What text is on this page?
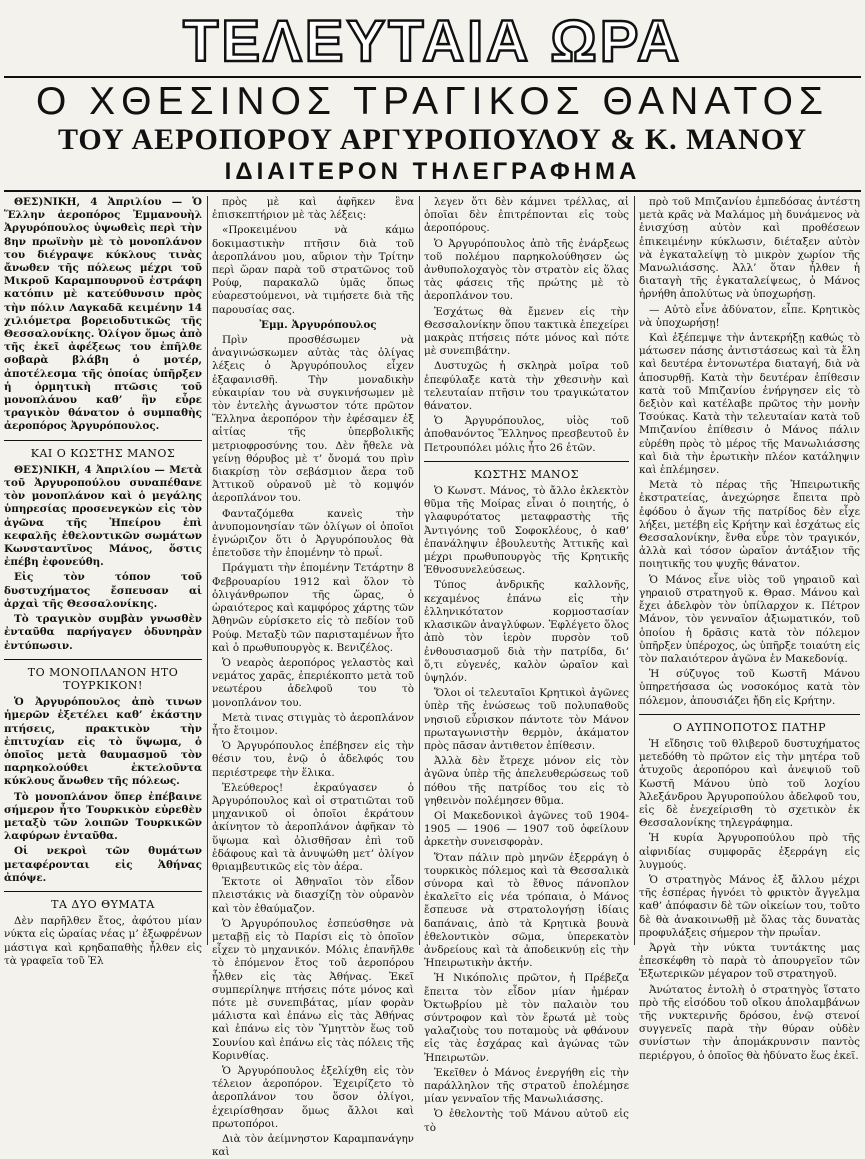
ΤΕΛΕΥΤΑΙΑ ΩΡΑ
Ο ΧΘΕΣΙΝΟΣ ΤΡΑΓΙΚΟΣ ΘΑΝΑΤΟΣ
ΤΟΥ ΑΕΡΟΠΟΡΟΥ ΑΡΓΥΡΟΠΟΥΛΟΥ & Κ. ΜΑΝΟΥ
ΙΔΙΑΙΤΕΡΟΝ ΤΗΛΕΓΡΑΦΗΜΑ

ΘΕΣ)ΝΙΚΗ, 4 Ἀπριλίου — Ὁ Ἕλλην ἀεροπόρος Ἐμμανουὴλ Ἀργυρόπουλος ὑψωθεὶς περὶ τὴν 8ην πρωϊνὴν μὲ τὸ μονοπλάνον του διέγραψε κύκλους τινὰς ἄνωθεν τῆς πόλεως μέχρι τοῦ Μικροῦ Καραμπουρνοῦ ἐστράφη κατόπιν μὲ κατεύθυνσιν πρὸς τὴν πόλιν Λαγκαδᾶ κειμένην 14 χιλιόμετρα βορειοδυτικῶς τῆς Θεσσαλονίκης. Ὀλίγον ὅμως ἀπὸ τῆς ἐκεῖ ἀφέξεως του ἐπῆλθε σοβαρὰ βλάβη ὁ μοτέρ, ἀποτέλεσμα τῆς ὁποίας ὑπῆρξεν ἡ ὁρμητικὴ πτῶσις τοῦ μονοπλάνου καθ’ ἣν εὗρε τραγικὸν θάνατον ὁ συμπαθὴς ἀεροπόρος Ἀργυρόπουλος.

ΚΑΙ Ο ΚΩΣΤΗΣ ΜΑΝΟΣ

ΘΕΣ)ΝΙΚΗ, 4 Ἀπριλίου — Μετὰ τοῦ Ἀργυροπούλου συναπέθανε τὸν μονοπλάνον καὶ ὁ μεγάλης ὑπηρεσίας προσενεγκὼν εἰς τὸν ἀγῶνα τῆς Ἠπείρου ἐπὶ κεφαλῆς ἐθελοντικῶν σωμάτων Κωνσταντῖνος Μάνος, ὅστις ἐπέβη ἐφονεύθη.

Εἰς τὸν τόπον τοῦ δυστυχήματος ἔσπευσαν αἱ ἀρχαὶ τῆς Θεσσαλονίκης.

Τὸ τραγικὸν συμβὰν γνωσθὲν ἐνταῦθα παρήγαγεν ὀδυνηρὰν ἐντύπωσιν.

ΤΟ ΜΟΝΟΠΛΑΝΟΝ ΗΤΟ ΤΟΥΡΚΙΚΟΝ!

Ὁ Ἀργυρόπουλος ἀπὸ τινων ἡμερῶν ἐξετέλει καθ’ ἑκάστην πτήσεις, πρακτικὸν τὴν ἐπιτυχίαν εἰς τὸ ὕψωμα, ὁ ὁποῖος μετὰ θαυμασμοῦ τὸν παρηκολούθει ἐκτελοῦντα κύκλους ἄνωθεν τῆς πόλεως.

Τὸ μονοπλάνον ὅπερ ἐπέβαινε σήμερον ἦτο Τουρκικὸν εὑρεθὲν μεταξὺ τῶν λοιπῶν Τουρκικῶν λαφύρων ἐνταῦθα.

Οἱ νεκροὶ τῶν θυμάτων μεταφέρονται εἰς Ἀθήνας ἀπόψε.

ΤΑ ΔΥΟ ΘΥΜΑΤΑ

Δὲν παρῆλθεν ἔτος, ἀφότου μίαν νύκτα εἰς ὡραίας νέας μ’ ἐξωφρένων μάστιγα καὶ κρηδαπαθὴς ἦλθεν εἰς τὰ γραφεῖα τοῦ Ἐλ

πρὸς μὲ καὶ ἀφῆκεν ἓνα ἐπισκεπτήριον μὲ τὰς λέξεις:

«Προκειμένου νὰ κάμω δοκιμαστικὴν πτῆσιν διὰ τοῦ ἀεροπλάνου μου, αὔριον τὴν Τρίτην περὶ ὥραν παρὰ τοῦ στρατῶνος τοῦ Ρούφ, παρακαλῶ ὑμᾶς ὅπως εὐαρεστούμενοι, νὰ τιμήσετε διὰ τῆς παρουσίας σας.

Ἐμμ. Ἀργυρόπουλος

Πρὶν προσθέσωμεν νὰ ἀναγινώσκωμεν αὐτὰς τὰς ὀλίγας λέξεις ὁ Ἀργυρόπουλος εἶχεν ἐξαφανισθῆ. Τὴν μοναδικὴν εὐκαιρίαν του νὰ συγκινήσωμεν μὲ τὸν ἐντελὴς ἀγνωστον τότε πρῶτον Ἕλληνα ἀεροπόρον τὴν ἐφέσαμεν ἐξ αἰτίας τῆς ὑπερβολικῆς μετριοφροσύνης του. Δὲν ἤθελε νὰ γείνῃ θόρυβος μὲ τ’ ὄνομά του πρὶν διακρίσῃ τὸν σεβάσμιον ἄερα τοῦ Ἀττικοῦ οὐρανοῦ μὲ τὸ κομψόν ἀεροπλάνον του.

Φανταζόμεθα κανεὶς τὴν ἀνυπομονησίαν τῶν ὀλίγων οἱ ὁποῖοι ἐγνώριζον ὅτι ὁ Ἀργυρόπουλος θὰ ἐπετοῦσε τὴν ἐπομένην τὸ πρωΐ.

Πράγματι τὴν ἐπομένην Τετάρτην 8 Φεβρουαρίου 1912 καὶ ὅλον τὸ ὀλιγάνθρωπον τῆς ὥρας, ὁ ὡραιότερος καὶ καμφόρος χάρτης τῶν Ἀθηνῶν εὑρίσκετο εἰς τὸ πεδίον τοῦ Ρούφ. Μεταξὺ τῶν παρισταμένων ἦτο καὶ ὁ πρωθυπουργὸς κ. Βενιζέλος.

Ὁ νεαρὸς ἀεροπόρος γελαστὸς καὶ νεμάτος χαρᾶς, ἐπεριέκοπτο μετὰ τοῦ νεωτέρου ἀδελφοῦ του τὸ μονοπλάνον του.

Μετὰ τινας στιγμὰς τὸ ἀεροπλάνον ἦτο ἔτοιμον.

Ὁ Ἀργυρόπουλος ἐπέβησεν εἰς τὴν θέσιν του, ἐνῷ ὁ ἀδελφός του περιέστρεφε τὴν ἕλικα.

Ἐλεύθερος! ἐκραύγασεν ὁ Ἀργυρόπουλος καὶ οἱ στρατιῶται τοῦ μηχανικοῦ οἱ ὁποῖοι ἐκράτουν ἀκίνητον τὸ ἀεροπλάνον ἀφῆκαν τὸ ὕψωμα καὶ ὀλισθῆσαν ἐπὶ τοῦ ἐδάφους καὶ τὰ ἀνυψώθη μετ’ ὀλίγον θριαμβευτικῶς εἰς τὸν ἀέρα.

Ἐκτοτε οἱ Ἀθηναῖοι τὸν εἶδον πλειστάκις νὰ διασχίζῃ τὸν οὐρανὸν καὶ τὸν ἐθαύμαζον.

Ὁ Ἀργυρόπουλος ἐσπεύσθησε νὰ μεταβῇ εἰς τὸ Παρίσι εἰς τὸ ὁποῖον εἶχεν τὸ μηχανικόν. Μόλις ἐπανῆλθε τὸ ἑπόμενον ἔτος τοῦ ἀεροπόρου ἦλθεν εἰς τὰς Ἀθήνας. Ἐκεῖ συμπερίληψε πτήσεις πότε μόνος καὶ πότε μὲ συνεπιβάτας, μίαν φορὰν μάλιστα καὶ ἐπάνω εἰς τὰς Ἀθήνας καὶ ἐπάνω εἰς τὸν Ὑμηττὸν ἕως τοῦ Σουνίου καὶ ἐπάνω εἰς τὰς πόλεις τῆς Κορινθίας.

Ὁ Ἀργυρόπουλος ἐξελίχθη εἰς τὸν τέλειον ἀεροπόρον. Ἐχειρίζετο τὸ ἀεροπλάνον του ὅσον ὀλίγοι, ἐχειρίσθησαν ὅμως ἄλλοι καὶ πρωτοπόροι.

Διὰ τὸν ἀείμνηστον Καραμπανάγην καὶ

λεγεν ὅτι δὲν κάμνει τρέλλας, αἱ ὁποῖαι δὲν ἐπιτρέπονται εἰς τοὺς ἀεροπόρους.

Ὁ Ἀργυρόπουλος ἀπὸ τῆς ἐνάρξεως τοῦ πολέμου παρηκολούθησεν ὡς ἀνθυπολοχαγὸς τὸν στρατὸν εἰς ὅλας τὰς φάσεις τῆς πρώτης μὲ τὸ ἀεροπλάνον του.

Ἐσχάτως θὰ ἔμενεν εἰς τὴν Θεσσαλονίκην ὅπου τακτικὰ ἐπεχείρει μακρὰς πτήσεις πότε μόνος καὶ πότε μὲ συνεπιβάτην.

Δυστυχῶς ἡ σκληρὰ μοῖρα τοῦ ἐπεφύλαξε κατὰ τὴν χθεσινὴν καὶ τελευταίαν πτῆσιν του τραγικώτατον θάνατον.

Ὁ Ἀργυρόπουλος, υἱὸς τοῦ ἀποθανόντος Ἕλληνος πρεσβευτοῦ ἐν Πετρουπόλει μόλις ἦτο 26 ἐτῶν.

ΚΩΣΤΗΣ ΜΑΝΟΣ

Ὁ Κωνστ. Μάνος, τὸ ἄλλο ἐκλεκτὸν θῦμα τῆς Μοίρας εἶναι ὁ ποιητής, ὁ γλαφυρότατος μεταφραστὴς τῆς Ἀντιγόνης τοῦ Σοφοκλέους, ὁ καθ’ ἐπανάληψιν ἐβουλευτὴς Ἀττικῆς καὶ μέχρι πρωθυπουργὸς τῆς Κρητικῆς Ἐθνοσυνελεύσεως.

Τύπος ἀνδρικῆς καλλονῆς, κεχαμένος ἐπάνω εἰς τὴν ἐλληνικότατον κορμοστασίαν κλασικῶν ἀναγλύφων. Ἐφλέγετο ὅλος ἀπὸ τὸν ἱερὸν πυρσὸν τοῦ ἐνθουσιασμοῦ διὰ τὴν πατρίδα, δι’ ὅ,τι εὐγενές, καλὸν ὡραῖον καὶ ὑψηλόν.

Ὅλοι οἱ τελευταῖοι Κρητικοὶ ἀγῶνες ὑπὲρ τῆς ἑνώσεως τοῦ πολυπαθοῦς νησιοῦ εὗρισκον πάντοτε τὸν Μάνον πρωταγωνιστὴν θερμὸν, ἀκάματον πρὸς πᾶσαν ἀντιθετον ἐπίθεσιν.

Ἀλλὰ δὲν ἔτρεχε μόνον εἰς τὸν ἀγῶνα ὑπὲρ τῆς ἀπελευθερώσεως τοῦ πόθου τῆς πατρίδος του εἰς τὸ γηθεινὸν πολέμησεν θῦμα.

Οἱ Μακεδονικοὶ ἀγῶνες τοῦ 1904-1905 — 1906 — 1907 τοῦ ὀφείλουν ἀρκετὴν συνεισφορὰν.

Ὅταν πάλιν πρὸ μηνῶν ἐξερράγη ὁ τουρκικὸς πόλεμος καὶ τὰ Θεσσαλικὰ σύνορα καὶ τὸ ἔθνος πάνοπλον ἐκαλεῖτο εἰς νέα τρόπαια, ὁ Μάνος ἔσπευσε νὰ στρατολογήσῃ ἰδίαις δαπάναις, ἀπὸ τὰ Κρητικὰ βουνὰ ἐθελοντικὸν σῶμα, ὑπερεκατὸν ἀνδρείους καὶ τὰ ἀποδεικνύῃ εἰς τὴν Ἠπειρωτικὴν ἀκτήν.

Ἡ Νικόπολις πρῶτον, ἡ Πρέβεζα ἔπειτα τὸν εἶδον μίαν ἡμέραν Ὀκτωβρίου μὲ τὸν παλαιὸν του σύντροφον καὶ τὸν ἔρωτά μὲ τοὺς γαλαζιοὺς του ποταμοὺς νὰ φθάνουν εἰς τὰς ἐσχάρας καὶ ἀγώνας τῶν Ἠπειρωτῶν.

Ἐκεῖθεν ὁ Μάνος ἐνεργήθη εἰς τὴν παράλληλον τῆς στρατοῦ ἐπολέμησε μίαν γενναῖον τῆς Μανωλιάσσης.

Ὁ ἐθελοντὴς τοῦ Μάνου αὐτοῦ εἰς τὸ

πρὸ τοῦ Μπιζανίου ἐμπεδόσας ἀντέστη μετὰ κρᾶς νὰ Μαλάμος μὴ δυνάμενος νὰ ἐνισχύσῃ αὐτὸν καὶ προθέσεων ἐπικειμένην κύκλωσιν, διέταξεν αὐτὸν νὰ ἐγκαταλείψῃ τὸ μικρὸν χωρίον τῆς Μανωλιάσσης. Ἀλλ’ ὅταν ἦλθεν ἡ διαταγὴ τῆς ἐγκαταλείψεως, ὁ Μάνος ἠρνήθη ἀπολύτως νὰ ὑποχωρήσῃ.

— Αὐτὸ εἶνε ἀδύνατον, εἶπε. Κρητικὸς νὰ ὑποχωρήσῃ!

Καὶ ἐξέπεμψε τὴν ἀντεκρήξῃ καθώς τὸ μάτωσεν πάσης ἀντιστάσεως καὶ τὰ ἔλη καὶ δευτέρα ἐντονωτέρα διαταγή, διὰ νὰ ἀποσυρθῇ. Κατὰ τὴν δευτέραν ἐπίθεσιν κατὰ τοῦ Μπιζανίου ἐνήργησεν εἰς τὸ δεξιὸν καὶ κατέλαβε πρῶτος τὴν μονὴν Τσούκας. Κατὰ τὴν τελευταίαν κατὰ τοῦ Μπιζανίου ἐπίθεσιν ὁ Μάνος πάλιν εὑρέθη πρὸς τὸ μέρος τῆς Μανωλιάσσης καὶ διὰ τὴν ἐρωτικὴν πλέον κατάληψιν καὶ ἐπλέμησεν.

Μετὰ τὸ πέρας τῆς Ἠπειρωτικῆς ἐκστρατείας, ἀνεχώρησε ἔπειτα πρὸ ἐφόδου ὁ ἄγων τῆς πατρίδος δὲν εἶχε λήξει, μετέβη εἰς Κρήτην καὶ ἐσχάτως εἰς Θεσσαλονίκην, ἔνθα εὗρε τὸν τραγικόν, ἀλλὰ καὶ τόσον ὡραῖον ἀντάξιον τῆς ποιητικῆς του ψυχῆς θάνατον.

Ὁ Μάνος εἶνε υἱὸς τοῦ γηραιοῦ καὶ γηραιοῦ στρατηγοῦ κ. Θρασ. Μάνου καὶ ἔχει ἀδελφὸν τὸν ὑπίλαρχον κ. Πέτρον Μάνον, τὸν γενναῖον ἀξιωματικόν, τοῦ ὁποίου ἡ δρᾶσις κατὰ τὸν πόλεμον ὑπῆρξεν ὑπέροχος, ὡς ὑπῆρξε τοιαύτη εἰς τὸν παλαιότερον ἀγῶνα ἐν Μακεδονίᾳ.

Ἡ σύζυγος τοῦ Κωστῆ Μάνου ὑπηρετήσασα ὡς νοσοκόμος κατὰ τὸν πόλεμον, ἀπουσιάζει ἤδη εἰς Κρήτην.

Ο ΑΥΠΝΟΠΟΤΟΣ ΠΑΤΗΡ

Ἡ εἴδησις τοῦ θλιβεροῦ δυστυχήματος μετεδόθη τὸ πρῶτον εἰς τὴν μητέρα τοῦ ἀτυχοῦς ἀεροπόρου καὶ ἀνεψιοῦ τοῦ Κωστῆ Μάνου ὑπὸ τοῦ λοχίου Ἀλεξάνδρου Ἀργυροπούλου ἀδελφοῦ του, εἰς δὲ ἐνεχείρισθη τὸ σχετικὸν ἐκ Θεσσαλονίκης τηλεγράφημα.

Ἡ κυρία Ἀργυροπούλου πρὸ τῆς αἰφνιδίας συμφορᾶς ἐξερράγη εἰς λυγμούς.

Ὁ στρατηγὸς Μάνος ἐξ ἄλλου μέχρι τῆς ἑσπέρας ἠγνόει τὸ φρικτὸν ἄγγελμα καθ’ ἀπόφασιν δὲ τῶν οἰκείων του, τοῦτο δὲ θὰ ἀνακοινωθῇ μὲ ὅλας τὰς δυνατὰς προφυλάξεις σήμερον τὴν πρωΐαν.

Ἀργὰ τὴν νύκτα τυντάκτης μας ἐπεσκέφθη τὸ παρὰ τὸ ἀπουργεῖον τῶν Ἐξωτερικῶν μέγαρον τοῦ στρατηγοῦ.

Ἀνώτατος ἐντολὴ ὁ στρατηγὸς ἵστατο πρὸ τῆς εἰσόδου τοῦ οἴκου ἀπολαμβάνων τῆς νυκτερινῆς δρόσου, ἐνῷ στενοί συγγενεῖς παρὰ τὴν θύραν οὐδὲν συνίστων τὴν ἀπομάκρυνσιν παντὸς περιέργου, ὁ ὁποῖος θὰ ἠδύνατο ἕως ἐκεῖ.
